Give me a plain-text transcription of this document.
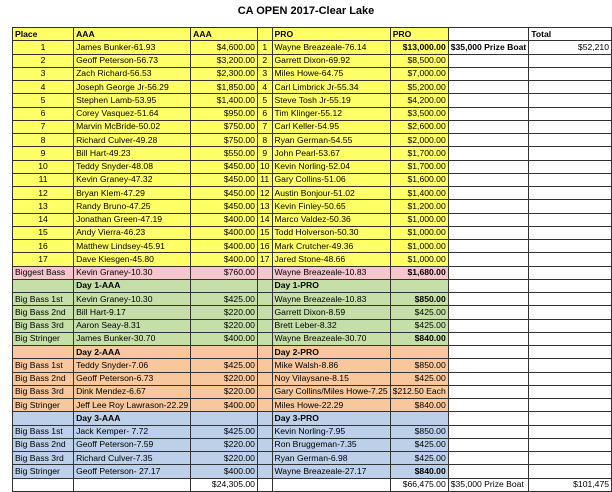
CA OPEN 2017-Clear Lake
Place	AAA	AAA		PRO	PRO		Total
1	James Bunker-61.93	$4,600.00	1	Wayne Breazeale-76.14	$13,000.00	$35,000 Prize Boat	$52,210
2	Geoff Peterson-56.73	$3,200.00	2	Garrett Dixon-69.92	$8,500.00		
3	Zach Richard-56.53	$2,300.00	3	Miles Howe-64.75	$7,000.00		
4	Joseph George Jr-56.29	$1,850.00	4	Carl Limbrick Jr-55.34	$5,200.00		
5	Stephen Lamb-53.95	$1,400.00	5	Steve Tosh Jr-55.19	$4,200.00		
6	Corey Vasquez-51.64	$950.00	6	Tim Klinger-55.12	$3,500.00		
7	Marvin McBride-50.02	$750.00	7	Carl Keller-54.95	$2,600.00		
8	Richard Culver-49.28	$750.00	8	Ryan German-54.55	$2,000.00		
9	Bill Hart-49.23	$550.00	9	John Pearl-53.67	$1,700.00		
10	Teddy Snyder-48.08	$450.00	10	Kevin Norling-52.04	$1,700.00		
11	Kevin Graney-47.32	$450.00	11	Gary Collins-51.06	$1,600.00		
12	Bryan Klem-47.29	$450.00	12	Austin Bonjour-51.02	$1,400.00		
13	Randy Bruno-47.25	$450.00	13	Kevin Finley-50.65	$1,200.00		
14	Jonathan Green-47.19	$400.00	14	Marco Valdez-50.36	$1,000.00		
15	Andy Vierra-46.23	$400.00	15	Todd Holverson-50.30	$1,000.00		
16	Matthew Lindsey-45.91	$400.00	16	Mark Crutcher-49.36	$1,000.00		
17	Dave Kiesgen-45.80	$400.00	17	Jared Stone-48.66	$1,000.00		
Biggest Bass	Kevin Graney-10.30	$760.00		Wayne Breazeale-10.83	$1,680.00		
	Day 1-AAA			Day 1-PRO			
Big Bass 1st	Kevin Graney-10.30	$425.00		Wayne Breazeale-10.83	$850.00		
Big Bass 2nd	Bill Hart-9.17	$220.00		Garrett Dixon-8.59	$425.00		
Big Bass 3rd	Aaron Seay-8.31	$220.00		Brett Leber-8.32	$425.00		
Big Stringer	James Bunker-30.70	$400.00		Wayne Breazeale-30.70	$840.00		
	Day 2-AAA			Day 2-PRO			
Big Bass 1st	Teddy Snyder-7.06	$425.00		Mike Walsh-8.86	$850.00		
Big Bass 2nd	Geoff Peterson-6.73	$220.00		Noy Vilaysane-8.15	$425.00		
Big Bass 3rd	Dink Mendez-6.67	$220.00		Gary Collins/Miles Howe-7.25	$212.50 Each		
Big Stringer	Jeff Lee Roy Lawrason-22.29	$400.00		Miles Howe-22.29	$840.00		
	Day 3-AAA			Day 3-PRO			
Big Bass 1st	Jack Kemper- 7.72	$425.00		Kevin Norling-7.95	$850.00		
Big Bass 2nd	Geoff Peterson-7.59	$220.00		Ron Bruggeman-7.35	$425.00		
Big Bass 3rd	Richard Culver-7.35	$220.00		Ryan German-6.98	$425.00		
Big Stringer	Geoff Peterson- 27.17	$400.00		Wayne Breazeale-27.17	$840.00		
		$24,305.00			$66,475.00	$35,000 Prize Boat	$101,475
